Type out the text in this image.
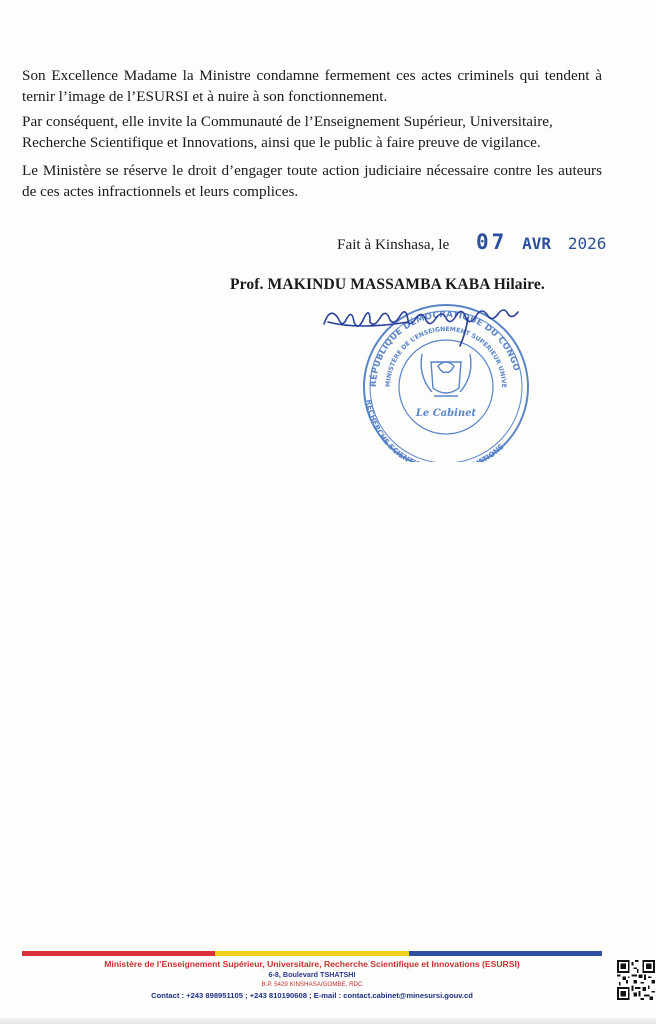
Son Excellence Madame la Ministre condamne fermement ces actes criminels qui tendent à ternir l’image de l’ESURSI et à nuire à son fonctionnement.

Par conséquent, elle invite la Communauté de l’Enseignement Supérieur, Universitaire, Recherche Scientifique et Innovations, ainsi que le public à faire preuve de vigilance.

Le Ministère se réserve le droit d’engager toute action judiciaire nécessaire contre les auteurs de ces actes infractionnels et leurs complices.

Fait à Kinshasa, le 07 AVR 2026
Prof. MAKINDU MASSAMBA KABA Hilaire.
RÉPUBLIQUE DÉMOCRATIQUE DU CONGO
MINISTÈRE DE L’ENSEIGNEMENT SUPÉRIEUR UNIVE
RECHERCHE SCIENT ATIONS
Le Cabinet

Ministère de l’Enseignement Supérieur, Universitaire, Recherche Scientifique et Innovations (ESURSI)

6-8, Boulevard TSHATSHI

B.P. 5429 KINSHASA/GOMBE, RDC

Contact : +243 898951105 ; +243 810190608 ; E-mail : contact.cabinet@minesursi.gouv.cd
